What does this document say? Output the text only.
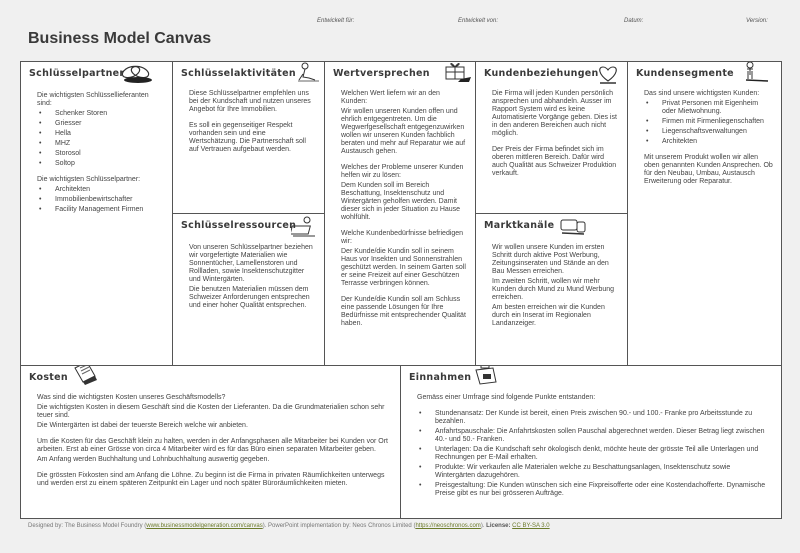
Entwickelt für:	Entwickelt von:	Datum:	Version:
Business Model Canvas
Schlüsselpartner

Die wichtigsten Schlüssellieferanten sind:

• Schenker Storen
• Griesser
• Hella
• MHZ
• Storosol
• Soltop

Die wichtigsten Schlüsselpartner:

• Architekten
• Immobilienbewirtschafter
• Facility Management Firmen
Schlüsselaktivitäten

Diese Schlüsselpartner empfehlen uns bei der Kundschaft und nutzen unseres Angebot für Ihre Immobilien.

Es soll ein gegenseitiger Respekt vorhanden sein und eine Wertschätzung. Die Partnerschaft soll auf Vertrauen aufgebaut werden.

Schlüsselressourcen

Von unseren Schlüsselpartner beziehen wir vorgefertigte Materialien wie Sonnentücher, Lamellenstoren und Rollladen, sowie Insektenschutzgitter und Wintergärten.

Die benutzen Materialien müssen dem Schweizer Anforderungen entsprechen und einer hoher Qualität entsprechen.

Wertversprechen

Welchen Wert liefern wir an den Kunden:

Wir wollen unseren Kunden offen und ehrlich entgegentreten. Um die Wegwerfgesellschaft entgegenzuwirken wollen wir unseren Kunden fachblich beraten und mehr auf Reparatur wie auf Austausch gehen.

Welches der Probleme unserer Kunden helfen wir zu lösen:

Dem Kunden soll im Bereich Beschattung, Insektenschutz und Wintergärten geholfen werden. Damit dieser sich in jeder Situation zu Hause wohlfühlt.

Welche Kundenbedürfnisse befriedigen wir:

Der Kunde/die Kundin soll in seinem Haus vor Insekten und Sonnenstrahlen geschützt werden. In seinem Garten soll er seine Freizeit auf einer Geschützen Terrasse verbringen können.

Der Kunde/die Kundin soll am Schluss eine passende Lösungen für Ihre Bedürfnisse mit entsprechender Qualität haben.

Kundenbeziehungen

Die Firma will jeden Kunden persönlich ansprechen und abhandeln. Ausser im Rapport System wird es keine Automatisierte Vorgänge geben. Dies ist in den anderen Bereichen auch nicht möglich.

Der Preis der Firma befindet sich im oberen mittleren Bereich. Dafür wird auch Qualität aus Schweizer Produktion verkauft.

Marktkanäle

Wir wollen unsere Kunden im ersten Schritt durch aktive Post Werbung, Zeitungsinseraten und Stände an den Bau Messen erreichen.

Im zweiten Schritt, wollen wir mehr Kunden durch Mund zu Mund Werbung erreichen.

Am besten erreichen wir die Kunden durch ein Inserat im Regionalen Landanzeiger.

Kundensegmente

Das sind unsere wichtigsten Kunden:

• Privat Personen mit Eigenheim oder Mietwohnung.
• Firmen mit Firmenliegenschaften
• Liegenschaftsverwaltungen
• Architekten

Mit unserem Produkt wollen wir allen oben genannten Kunden Ansprechen. Ob für den Neubau, Umbau, Austausch Erweiterung oder Reparatur.

Kosten

Was sind die wichtigsten Kosten unseres Geschäftsmodells?

Die wichtigsten Kosten in diesem Geschäft sind die Kosten der Lieferanten. Da die Grundmaterialien schon sehr teuer sind.

Die Wintergärten ist dabei der teuerste Bereich welche wir anbieten.

Um die Kosten für das Geschäft klein zu halten, werden in der Anfangsphasen alle Mitarbeiter bei Kunden vor Ort arbeiten. Erst ab einer Grösse von circa 4 Mitarbeiter wird es für das Büro einen separaten Mitarbeiter geben.

Am Anfang werden Buchhaltung und Lohnbuchhaltung auswertig gegeben.

Die grössten Fixkosten sind am Anfang die Löhne. Zu beginn ist die Firma in privaten Räumlichkeiten unterwegs und werden erst zu einem späteren Zeitpunkt ein Lager und noch später Büroräumlichkeiten mieten.

Einnahmen

Gemäss einer Umfrage sind folgende Punkte entstanden:

• Stundenansatz: Der Kunde ist bereit, einen Preis zwischen 90.- und 100.- Franke pro Arbeitsstunde zu bezahlen.
• Anfahrtspauschale: Die Anfahrtskosten sollen Pauschal abgerechnet werden. Dieser Betrag liegt zwischen 40.- und 50.- Franken.
• Unterlagen: Da die Kundschaft sehr ökologisch denkt, möchte heute der grösste Teil alle Unterlagen und Rechnungen per E-Mail erhalten.
• Produkte: Wir verkaufen alle Materialen welche zu Beschattungsanlagen, Insektenschutz sowie Wintergärten dazugehören.
• Preisgestaltung: Die Kunden wünschen sich eine Fixpreisofferte oder eine Kostendachofferte. Dynamische Preise gibt es nur bei grösseren Aufträge.
Designed by: The Business Model Foundry (www.businessmodelgeneration.com/canvas). PowerPoint implementation by: Neos Chronos Limited (https://neoschronos.com). License: CC BY-SA 3.0
